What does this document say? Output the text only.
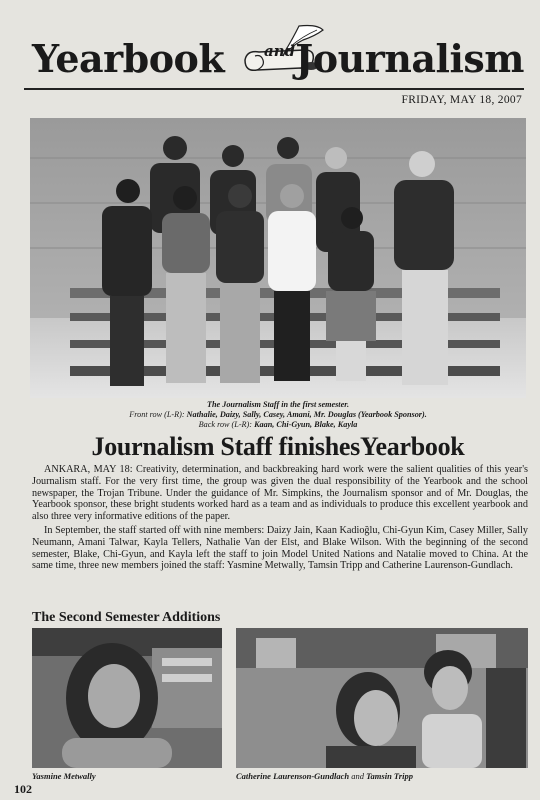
Yearbook	and Journalism
FRIDAY, MAY 18, 2007
The Journalism Staff in the first semester.
Front row (L-R): Nathalie, Daizy, Sally, Casey, Amani, Mr. Douglas (Yearbook Sponsor).
Back row (L-R): Kaan, Chi-Gyun, Blake, Kayla
Journalism Staff finishesYearbook

ANKARA, MAY 18: Creativity, determination, and backbreaking hard work were the salient qualities of this year's Journalism staff. For the very first time, the group was given the dual responsibility of the Yearbook and the school newspaper, the Trojan Tribune. Under the guidance of Mr. Simpkins, the Journalism sponsor and of Mr. Douglas, the Yearbook sponsor, these bright students worked hard as a team and as individuals to produce this excellent yearbook and also three very informative editions of the paper.

In September, the staff started off with nine members: Daizy Jain, Kaan Kadioğlu, Chi-Gyun Kim, Casey Miller, Sally Neumann, Amani Talwar, Kayla Tellers, Nathalie Van der Elst, and Blake Wilson. With the beginning of the second semester, Blake, Chi-Gyun, and Kayla left the staff to join Model United Nations and Natalie moved to China. At the same time, three new members joined the staff: Yasmine Metwally, Tamsin Tripp and Catherine Laurenson-Gundlach.

The Second Semester Additions
Yasmine Metwally	Catherine Laurenson-Gundlach and Tamsin Tripp
102
